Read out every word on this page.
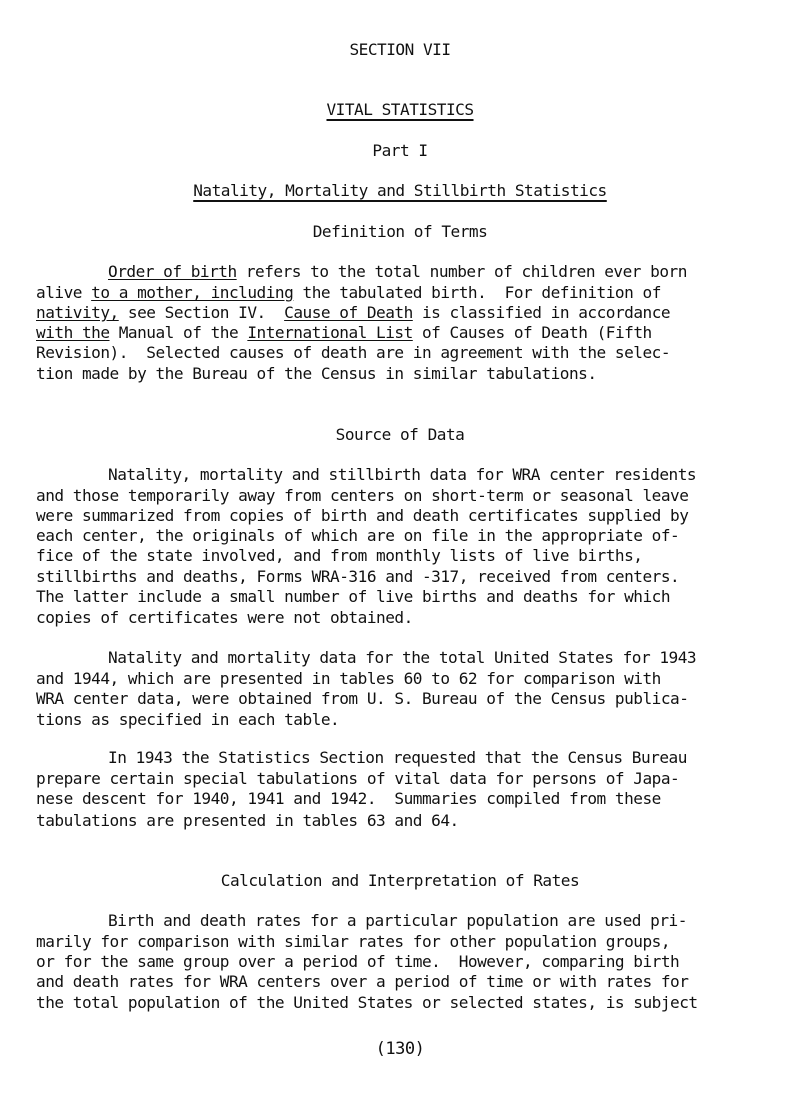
SECTION VII
VITAL STATISTICS
Part I
Natality, Mortality and Stillbirth Statistics
Definition of Terms
Order of birth refers to the total number of children ever born
alive to a mother, including the tabulated birth.  For definition of
nativity, see Section IV.  Cause of Death is classified in accordance
with the Manual of the International List of Causes of Death (Fifth
Revision).  Selected causes of death are in agreement with the selec-
tion made by the Bureau of the Census in similar tabulations.
Source of Data
Natality, mortality and stillbirth data for WRA center residents
and those temporarily away from centers on short-term or seasonal leave
were summarized from copies of birth and death certificates supplied by
each center, the originals of which are on file in the appropriate of-
fice of the state involved, and from monthly lists of live births,
stillbirths and deaths, Forms WRA-316 and -317, received from centers.
The latter include a small number of live births and deaths for which
copies of certificates were not obtained.
Natality and mortality data for the total United States for 1943
and 1944, which are presented in tables 60 to 62 for comparison with
WRA center data, were obtained from U. S. Bureau of the Census publica-
tions as specified in each table.
In 1943 the Statistics Section requested that the Census Bureau
prepare certain special tabulations of vital data for persons of Japa-
nese descent for 1940, 1941 and 1942.  Summaries compiled from these
tabulations are presented in tables 63 and 64.
Calculation and Interpretation of Rates
Birth and death rates for a particular population are used pri-
marily for comparison with similar rates for other population groups,
or for the same group over a period of time.  However, comparing birth
and death rates for WRA centers over a period of time or with rates for
the total population of the United States or selected states, is subject
(130)
